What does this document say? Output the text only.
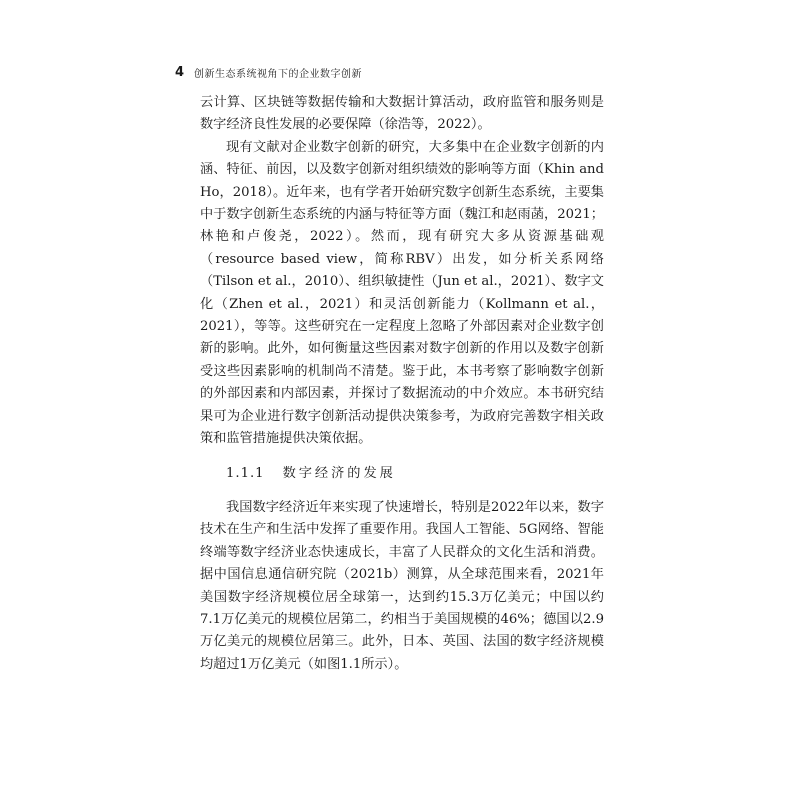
4 创新生态系统视角下的企业数字创新

云计算、区块链等数据传输和大数据计算活动，政府监管和服务则是数字经济良性发展的必要保障（徐浩等，2022）。

现有文献对企业数字创新的研究，大多集中在企业数字创新的内涵、特征、前因，以及数字创新对组织绩效的影响等方面（Khin and Ho，2018）。近年来，也有学者开始研究数字创新生态系统，主要集中于数字创新生态系统的内涵与特征等方面（魏江和赵雨菡，2021；林艳和卢俊尧，2022）。然而，现有研究大多从资源基础观（resource based view，简称RBV）出发，如分析关系网络（Tilson et al.，2010）、组织敏捷性（Jun et al.，2021）、数字文化（Zhen et al.，2021）和灵活创新能力（Kollmann et al.，2021），等等。这些研究在一定程度上忽略了外部因素对企业数字创新的影响。此外，如何衡量这些因素对数字创新的作用以及数字创新受这些因素影响的机制尚不清楚。鉴于此，本书考察了影响数字创新的外部因素和内部因素，并探讨了数据流动的中介效应。本书研究结果可为企业进行数字创新活动提供决策参考，为政府完善数字相关政策和监管措施提供决策依据。

1.1.1 数字经济的发展

我国数字经济近年来实现了快速增长，特别是2022年以来，数字技术在生产和生活中发挥了重要作用。我国人工智能、5G网络、智能终端等数字经济业态快速成长，丰富了人民群众的文化生活和消费。据中国信息通信研究院（2021b）测算，从全球范围来看，2021年美国数字经济规模位居全球第一，达到约15.3万亿美元；中国以约7.1万亿美元的规模位居第二，约相当于美国规模的46%；德国以2.9万亿美元的规模位居第三。此外，日本、英国、法国的数字经济规模均超过1万亿美元（如图1.1所示）。
